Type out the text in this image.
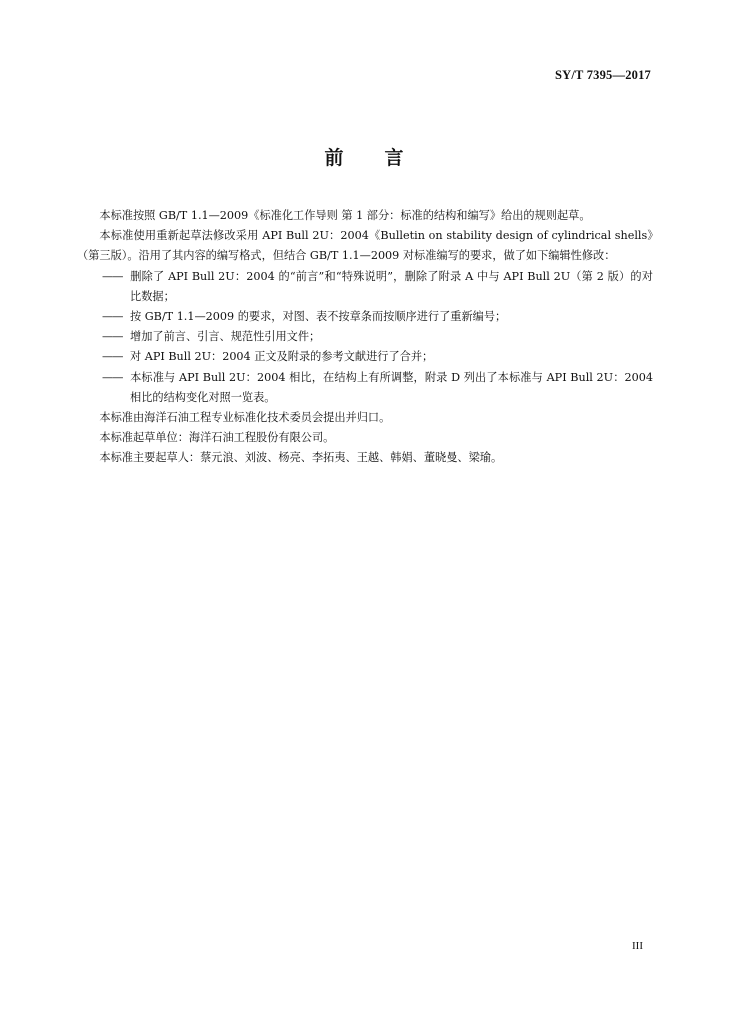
SY/T 7395—2017
前 言

本标准按照 GB/T 1.1—2009《标准化工作导则 第 1 部分：标准的结构和编写》给出的规则起草。

本标准使用重新起草法修改采用 API Bull 2U：2004《Bulletin on stability design of cylindrical shells》（第三版）。沿用了其内容的编写格式，但结合 GB/T 1.1—2009 对标准编写的要求，做了如下编辑性修改：

—— 删除了 API Bull 2U：2004 的“前言”和“特殊说明”，删除了附录 A 中与 API Bull 2U（第 2 版）的对比数据；

—— 按 GB/T 1.1—2009 的要求，对图、表不按章条而按顺序进行了重新编号；

—— 增加了前言、引言、规范性引用文件；

—— 对 API Bull 2U：2004 正文及附录的参考文献进行了合并；

—— 本标准与 API Bull 2U：2004 相比，在结构上有所调整，附录 D 列出了本标准与 API Bull 2U：2004 相比的结构变化对照一览表。

本标准由海洋石油工程专业标准化技术委员会提出并归口。

本标准起草单位：海洋石油工程股份有限公司。

本标准主要起草人：蔡元浪、刘波、杨亮、李拓夷、王越、韩娟、董晓曼、梁瑜。

III
